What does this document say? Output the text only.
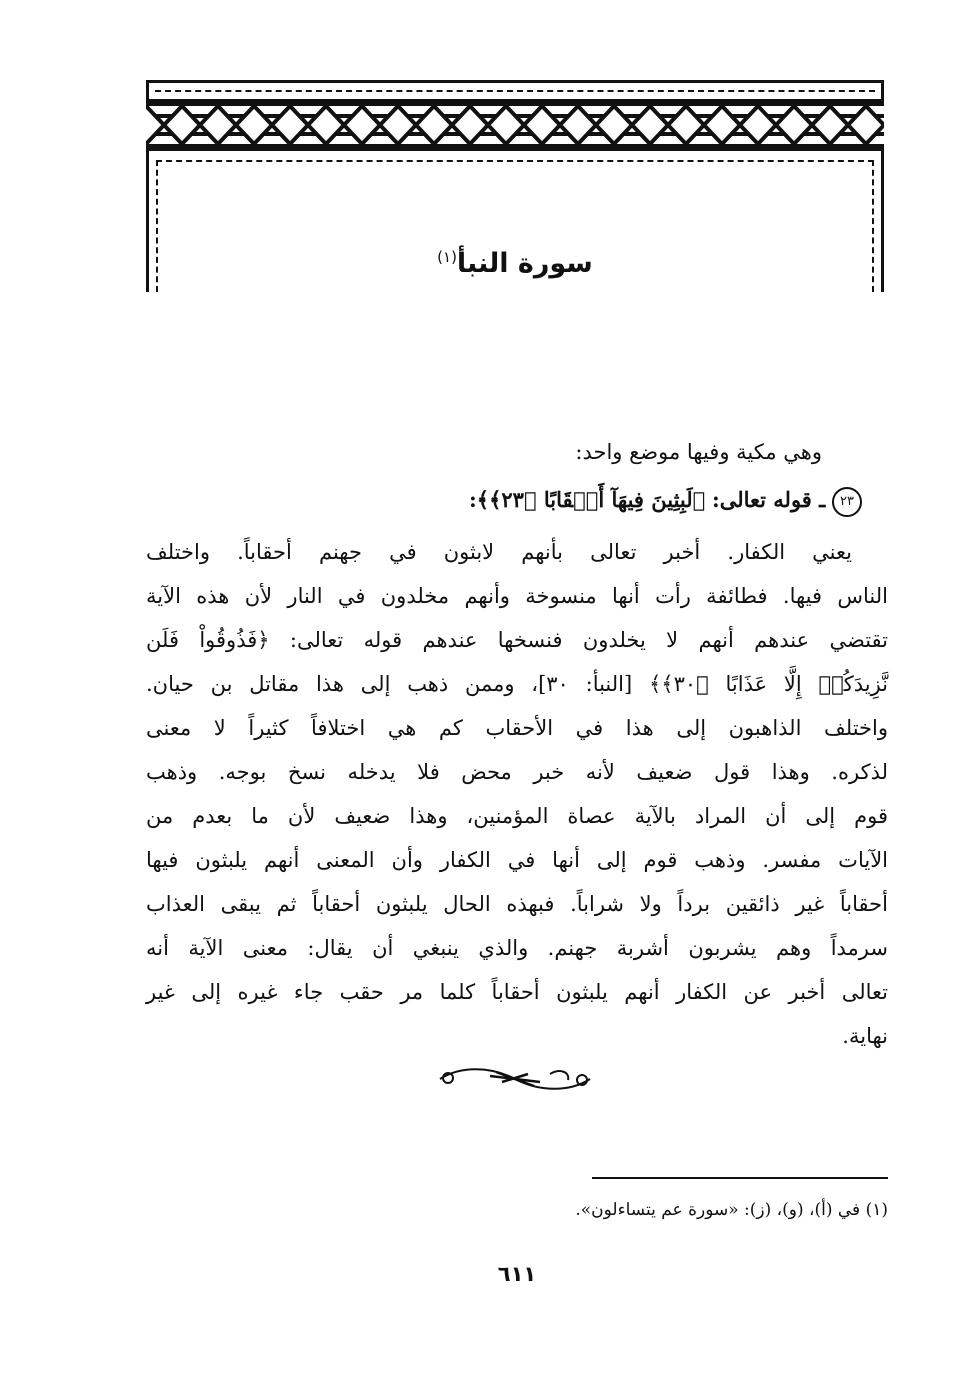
سورة النبأ$^{(١)}$
وهي مكية وفيها موضع واحد:
٢٣ ـ قوله تعالى: ﴿لَبِثِينَ فِيهَآ أَحۡقَابًا ﴿٢٣﴾﴾:
يعني الكفار. أخبر تعالى بأنهم لابثون في جهنم أحقاباً. واختلف
الناس فيها. فطائفة رأت أنها منسوخة وأنهم مخلدون في النار لأن هذه الآية
تقتضي عندهم أنهم لا يخلدون فنسخها عندهم قوله تعالى: ﴿فَذُوقُواْ فَلَن
نَّزِيدَكُمۡ إِلَّا عَذَابًا ﴿٣٠﴾﴾ [النبأ: ٣٠]، وممن ذهب إلى هذا مقاتل بن حيان.
واختلف الذاهبون إلى هذا في الأحقاب كم هي اختلافاً كثيراً لا معنى
لذكره. وهذا قول ضعيف لأنه خبر محض فلا يدخله نسخ بوجه. وذهب
قوم إلى أن المراد بالآية عصاة المؤمنين، وهذا ضعيف لأن ما بعدم من
الآيات مفسر. وذهب قوم إلى أنها في الكفار وأن المعنى أنهم يلبثون فيها
أحقاباً غير ذائقين برداً ولا شراباً. فبهذه الحال يلبثون أحقاباً ثم يبقى العذاب
سرمداً وهم يشربون أشربة جهنم. والذي ينبغي أن يقال: معنى الآية أنه
تعالى أخبر عن الكفار أنهم يلبثون أحقاباً كلما مر حقب جاء غيره إلى غير
نهاية.
(١) في (أ)، (و)، (ز): «سورة عم يتساءلون».
٦١١
